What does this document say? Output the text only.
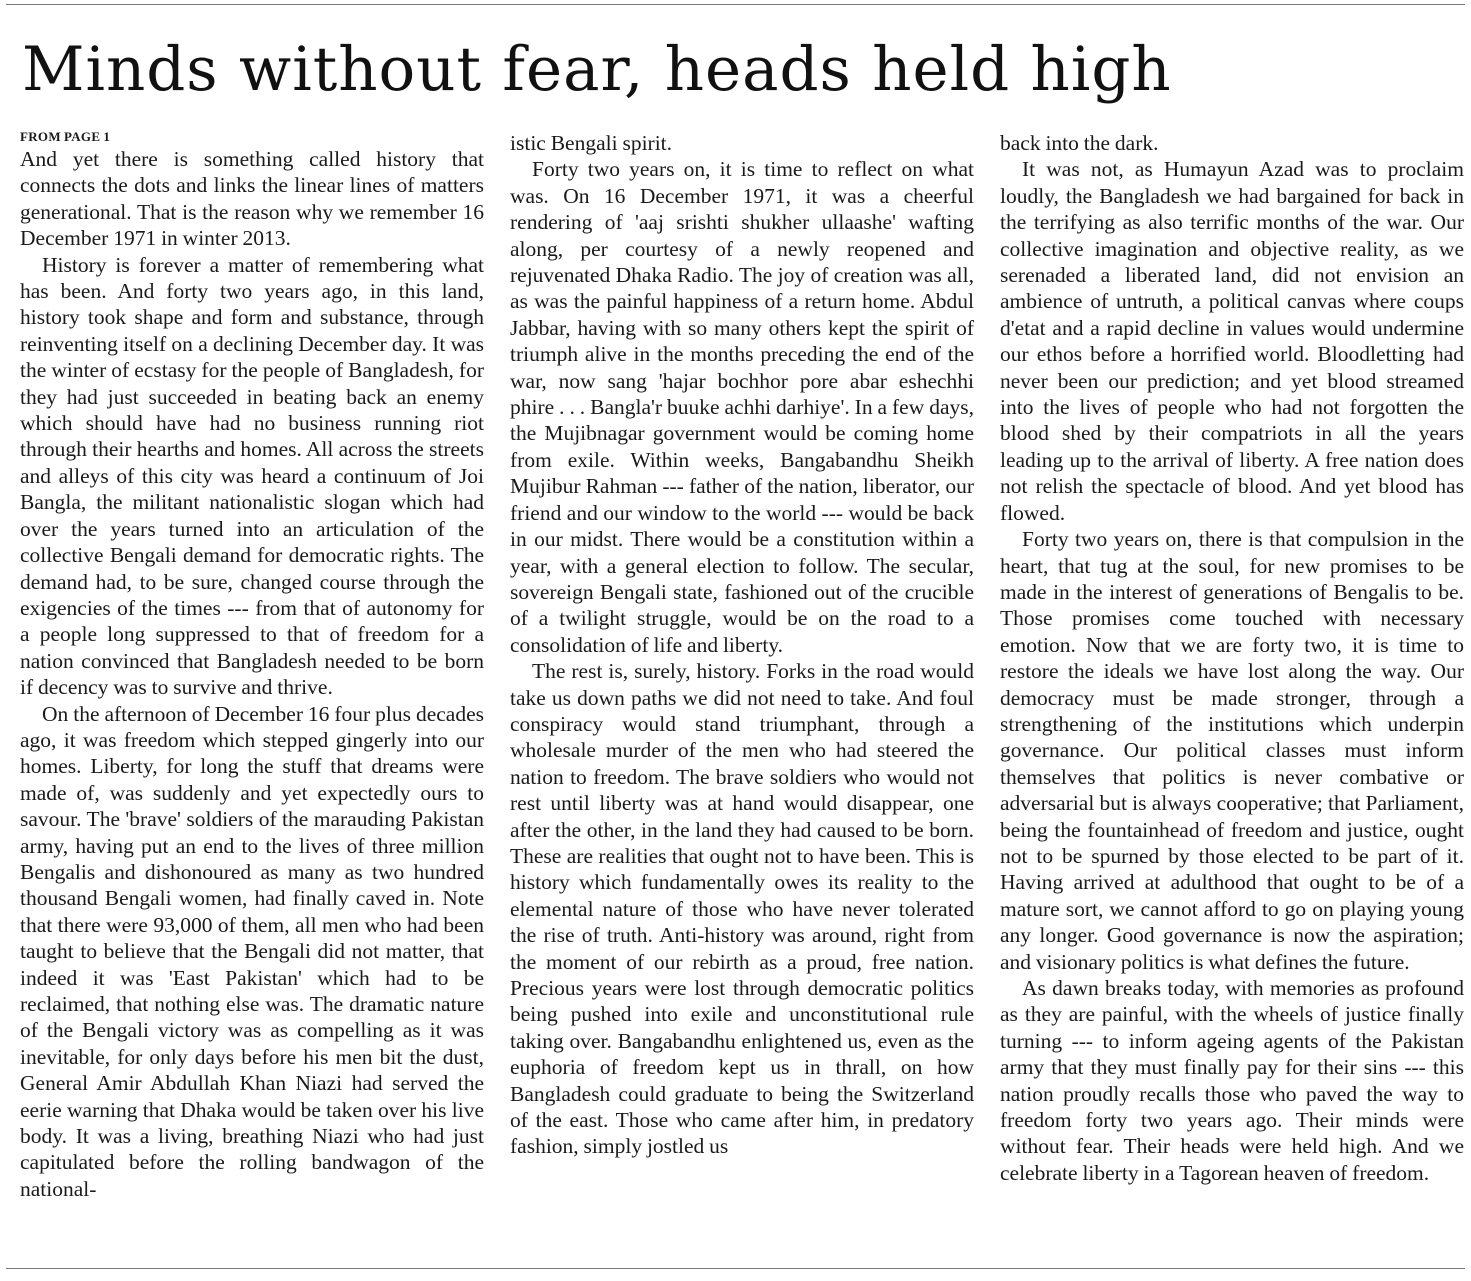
Minds without fear, heads held high

FROM PAGE 1

And yet there is something called history that connects the dots and links the linear lines of matters generational. That is the reason why we remember 16 December 1971 in winter 2013.

History is forever a matter of remembering what has been. And forty two years ago, in this land, history took shape and form and substance, through reinventing itself on a declining December day. It was the winter of ecstasy for the people of Bangladesh, for they had just succeeded in beating back an enemy which should have had no business running riot through their hearths and homes. All across the streets and alleys of this city was heard a continuum of Joi Bangla, the militant nationalistic slogan which had over the years turned into an articulation of the collective Bengali demand for democratic rights. The demand had, to be sure, changed course through the exigencies of the times --- from that of autonomy for a people long suppressed to that of freedom for a nation convinced that Bangladesh needed to be born if decency was to survive and thrive.

On the afternoon of December 16 four plus decades ago, it was freedom which stepped gingerly into our homes. Liberty, for long the stuff that dreams were made of, was suddenly and yet expectedly ours to savour. The 'brave' soldiers of the marauding Pakistan army, having put an end to the lives of three million Bengalis and dishonoured as many as two hundred thousand Bengali women, had finally caved in. Note that there were 93,000 of them, all men who had been taught to believe that the Bengali did not matter, that indeed it was 'East Pakistan' which had to be reclaimed, that nothing else was. The dramatic nature of the Bengali victory was as compelling as it was inevitable, for only days before his men bit the dust, General Amir Abdullah Khan Niazi had served the eerie warning that Dhaka would be taken over his live body. It was a living, breathing Niazi who had just capitulated before the rolling bandwagon of the national-

istic Bengali spirit.

Forty two years on, it is time to reflect on what was. On 16 December 1971, it was a cheerful rendering of 'aaj srishti shukher ullaashe' wafting along, per courtesy of a newly reopened and rejuvenated Dhaka Radio. The joy of creation was all, as was the painful happiness of a return home. Abdul Jabbar, having with so many others kept the spirit of triumph alive in the months preceding the end of the war, now sang 'hajar bochhor pore abar eshechhi phire . . . Bangla'r buuke achhi darhiye'. In a few days, the Mujibnagar government would be coming home from exile. Within weeks, Bangabandhu Sheikh Mujibur Rahman --- father of the nation, liberator, our friend and our window to the world --- would be back in our midst. There would be a constitution within a year, with a general election to follow. The secular, sovereign Bengali state, fashioned out of the crucible of a twilight struggle, would be on the road to a consolidation of life and liberty.

The rest is, surely, history. Forks in the road would take us down paths we did not need to take. And foul conspiracy would stand triumphant, through a wholesale murder of the men who had steered the nation to freedom. The brave soldiers who would not rest until liberty was at hand would disappear, one after the other, in the land they had caused to be born. These are realities that ought not to have been. This is history which fundamentally owes its reality to the elemental nature of those who have never tolerated the rise of truth. Anti-history was around, right from the moment of our rebirth as a proud, free nation. Precious years were lost through democratic politics being pushed into exile and unconstitutional rule taking over. Bangabandhu enlightened us, even as the euphoria of freedom kept us in thrall, on how Bangladesh could graduate to being the Switzerland of the east. Those who came after him, in predatory fashion, simply jostled us

back into the dark.

It was not, as Humayun Azad was to proclaim loudly, the Bangladesh we had bargained for back in the terrifying as also terrific months of the war. Our collective imagination and objective reality, as we serenaded a liberated land, did not envision an ambience of untruth, a political canvas where coups d'etat and a rapid decline in values would undermine our ethos before a horrified world. Bloodletting had never been our prediction; and yet blood streamed into the lives of people who had not forgotten the blood shed by their compatriots in all the years leading up to the arrival of liberty. A free nation does not relish the spectacle of blood. And yet blood has flowed.

Forty two years on, there is that compulsion in the heart, that tug at the soul, for new promises to be made in the interest of generations of Bengalis to be. Those promises come touched with necessary emotion. Now that we are forty two, it is time to restore the ideals we have lost along the way. Our democracy must be made stronger, through a strengthening of the institutions which underpin governance. Our political classes must inform themselves that politics is never combative or adversarial but is always cooperative; that Parliament, being the fountainhead of freedom and justice, ought not to be spurned by those elected to be part of it. Having arrived at adulthood that ought to be of a mature sort, we cannot afford to go on playing young any longer. Good governance is now the aspiration; and visionary politics is what defines the future.

As dawn breaks today, with memories as profound as they are painful, with the wheels of justice finally turning --- to inform ageing agents of the Pakistan army that they must finally pay for their sins --- this nation proudly recalls those who paved the way to freedom forty two years ago. Their minds were without fear. Their heads were held high. And we celebrate liberty in a Tagorean heaven of freedom.
